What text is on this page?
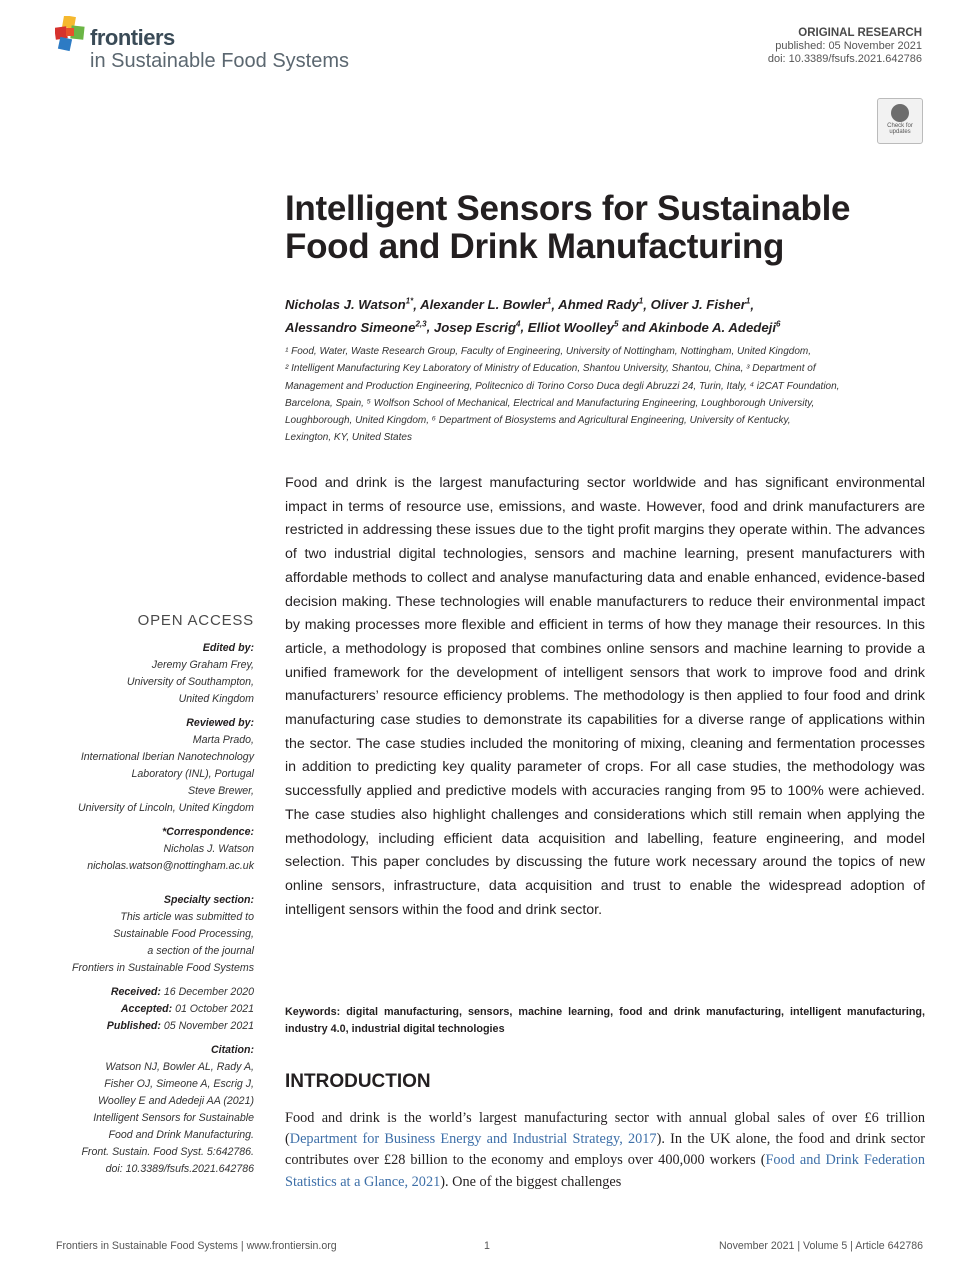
frontiers
in Sustainable Food Systems
ORIGINAL RESEARCH
published: 05 November 2021
doi: 10.3389/fsufs.2021.642786
Check for
updates
Intelligent Sensors for Sustainable
Food and Drink Manufacturing
Nicholas J. Watson$^{1*}$, Alexander L. Bowler$^1$, Ahmed Rady$^1$, Oliver J. Fisher$^1$,
Alessandro Simeone$^{2,3}$, Josep Escrig$^4$, Elliot Woolley$^5$ and Akinbode A. Adedeji$^6$
¹ Food, Water, Waste Research Group, Faculty of Engineering, University of Nottingham, Nottingham, United Kingdom,
² Intelligent Manufacturing Key Laboratory of Ministry of Education, Shantou University, Shantou, China, ³ Department of
Management and Production Engineering, Politecnico di Torino Corso Duca degli Abruzzi 24, Turin, Italy, ⁴ i2CAT Foundation,
Barcelona, Spain, ⁵ Wolfson School of Mechanical, Electrical and Manufacturing Engineering, Loughborough University,
Loughborough, United Kingdom, ⁶ Department of Biosystems and Agricultural Engineering, University of Kentucky,
Lexington, KY, United States
Food and drink is the largest manufacturing sector worldwide and has significant environmental impact in terms of resource use, emissions, and waste. However, food and drink manufacturers are restricted in addressing these issues due to the tight profit margins they operate within. The advances of two industrial digital technologies, sensors and machine learning, present manufacturers with affordable methods to collect and analyse manufacturing data and enable enhanced, evidence-based decision making. These technologies will enable manufacturers to reduce their environmental impact by making processes more flexible and efficient in terms of how they manage their resources. In this article, a methodology is proposed that combines online sensors and machine learning to provide a unified framework for the development of intelligent sensors that work to improve food and drink manufacturers’ resource efficiency problems. The methodology is then applied to four food and drink manufacturing case studies to demonstrate its capabilities for a diverse range of applications within the sector. The case studies included the monitoring of mixing, cleaning and fermentation processes in addition to predicting key quality parameter of crops. For all case studies, the methodology was successfully applied and predictive models with accuracies ranging from 95 to 100% were achieved. The case studies also highlight challenges and considerations which still remain when applying the methodology, including efficient data acquisition and labelling, feature engineering, and model selection. This paper concludes by discussing the future work necessary around the topics of new online sensors, infrastructure, data acquisition and trust to enable the widespread adoption of intelligent sensors within the food and drink sector.
Keywords: digital manufacturing, sensors, machine learning, food and drink manufacturing, intelligent manufacturing, industry 4.0, industrial digital technologies
INTRODUCTION
Food and drink is the world’s largest manufacturing sector with annual global sales of over £6 trillion (Department for Business Energy and Industrial Strategy, 2017). In the UK alone, the food and drink sector contributes over £28 billion to the economy and employs over 400,000 workers (Food and Drink Federation Statistics at a Glance, 2021). One of the biggest challenges
OPEN ACCESS
Edited by:
Jeremy Graham Frey,
University of Southampton,
United Kingdom
Reviewed by:
Marta Prado,
International Iberian Nanotechnology
Laboratory (INL), Portugal
Steve Brewer,
University of Lincoln, United Kingdom
*Correspondence:
Nicholas J. Watson
nicholas.watson@nottingham.ac.uk
Specialty section:
This article was submitted to
Sustainable Food Processing,
a section of the journal
Frontiers in Sustainable Food Systems
Received: 16 December 2020
Accepted: 01 October 2021
Published: 05 November 2021
Citation:
Watson NJ, Bowler AL, Rady A,
Fisher OJ, Simeone A, Escrig J,
Woolley E and Adedeji AA (2021)
Intelligent Sensors for Sustainable
Food and Drink Manufacturing.
Front. Sustain. Food Syst. 5:642786.
doi: 10.3389/fsufs.2021.642786
Frontiers in Sustainable Food Systems | www.frontiersin.org	1	November 2021 | Volume 5 | Article 642786
